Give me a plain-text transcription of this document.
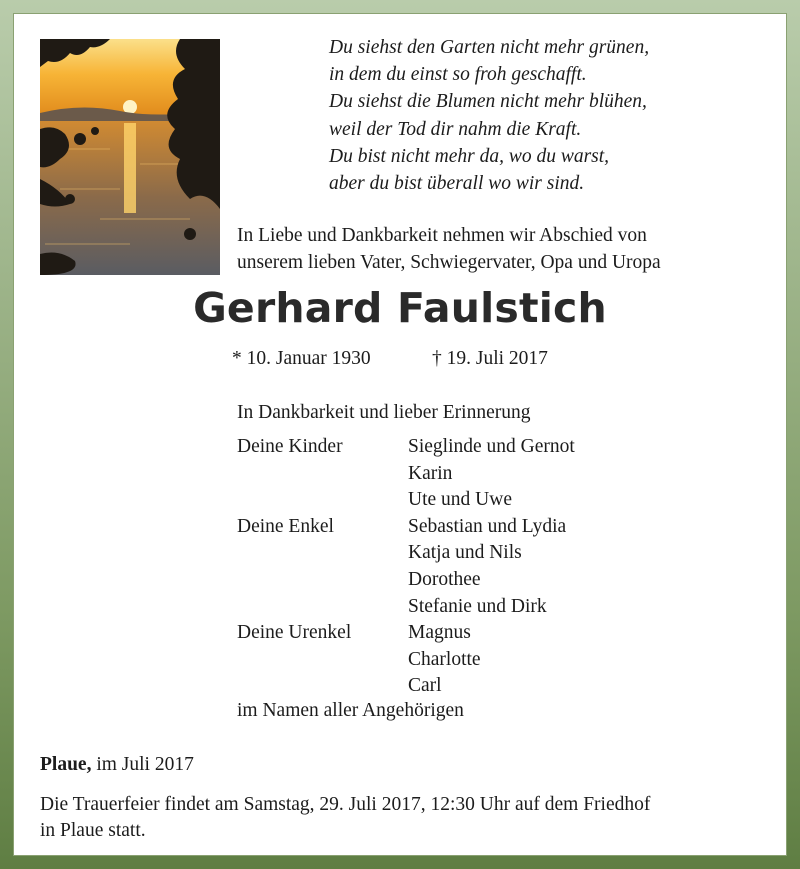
Du siehst den Garten nicht mehr grünen,
in dem du einst so froh geschafft.
Du siehst die Blumen nicht mehr blühen,
weil der Tod dir nahm die Kraft.
Du bist nicht mehr da, wo du warst,
aber du bist überall wo wir sind.
In Liebe und Dankbarkeit nehmen wir Abschied von
unserem lieben Vater, Schwiegervater, Opa und Uropa
Gerhard Faulstich
* 10. Januar 1930	† 19. Juli 2017
In Dankbarkeit und lieber Erinnerung
Deine Kinder	Sieglinde und Gernot
Karin
Ute und Uwe
Deine Enkel	Sebastian und Lydia
Katja und Nils
Dorothee
Stefanie und Dirk
Deine Urenkel	Magnus
Charlotte
Carl
im Namen aller Angehörigen
Plaue, im Juli 2017
Die Trauerfeier findet am Samstag, 29. Juli 2017, 12:30 Uhr auf dem Friedhof
in Plaue statt.
